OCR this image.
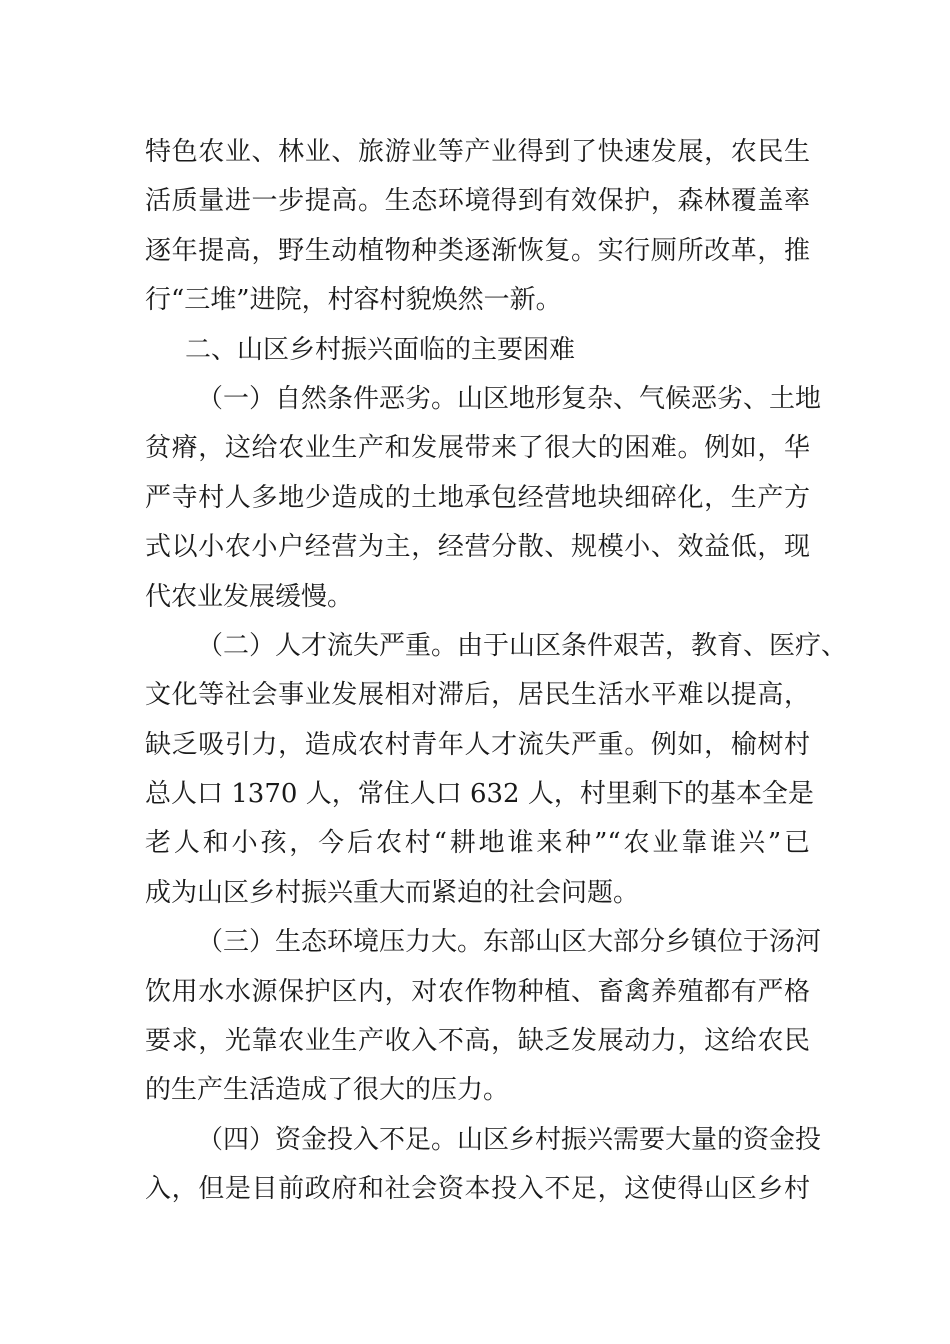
特色农业、林业、旅游业等产业得到了快速发展，农民生
活质量进一步提高。生态环境得到有效保护，森林覆盖率
逐年提高，野生动植物种类逐渐恢复。实行厕所改革，推
行“三堆”进院，村容村貌焕然一新。
二、山区乡村振兴面临的主要困难
（一）自然条件恶劣。山区地形复杂、气候恶劣、土地
贫瘠，这给农业生产和发展带来了很大的困难。例如，华
严寺村人多地少造成的土地承包经营地块细碎化，生产方
式以小农小户经营为主，经营分散、规模小、效益低，现
代农业发展缓慢。
（二）人才流失严重。由于山区条件艰苦，教育、医疗、
文化等社会事业发展相对滞后，居民生活水平难以提高，
缺乏吸引力，造成农村青年人才流失严重。例如，榆树村
总人口 1370 人，常住人口 632 人，村里剩下的基本全是
老人和小孩，今后农村“耕地谁来种”“农业靠谁兴”已
成为山区乡村振兴重大而紧迫的社会问题。
（三）生态环境压力大。东部山区大部分乡镇位于汤河
饮用水水源保护区内，对农作物种植、畜禽养殖都有严格
要求，光靠农业生产收入不高，缺乏发展动力，这给农民
的生产生活造成了很大的压力。
（四）资金投入不足。山区乡村振兴需要大量的资金投
入，但是目前政府和社会资本投入不足，这使得山区乡村
